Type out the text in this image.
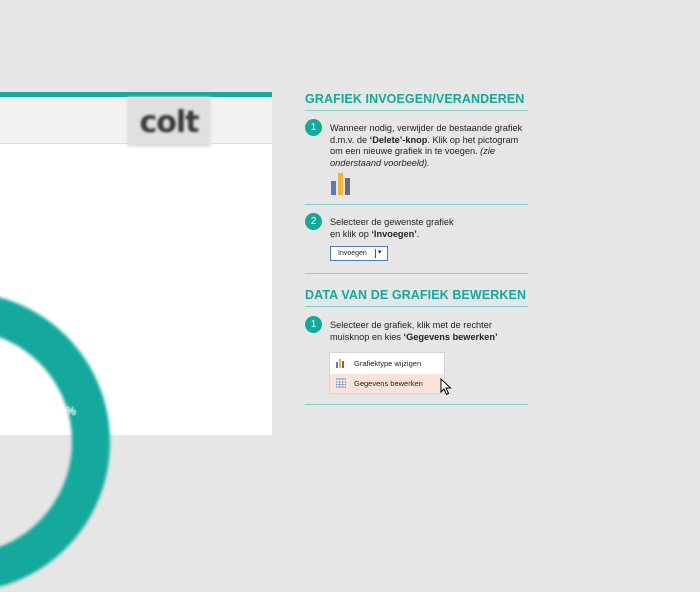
colt
40%
GRAFIEK INVOEGEN/VERANDEREN
1	Wanneer nodig, verwijder de bestaande grafiek d.m.v. de ‘Delete’-knop. Klik op het pictogram om een nieuwe grafiek in te voegen. (zie onderstaand voorbeeld).
2	Selecteer de gewenste grafiek en klik op ‘Invoegen’.
Invoegen ▾
DATA VAN DE GRAFIEK BEWERKEN
1	Selecteer de grafiek, klik met de rechter muisknop en kies ‘Gegevens bewerken’
Grafiektype wijzigen
Gegevens bewerken
